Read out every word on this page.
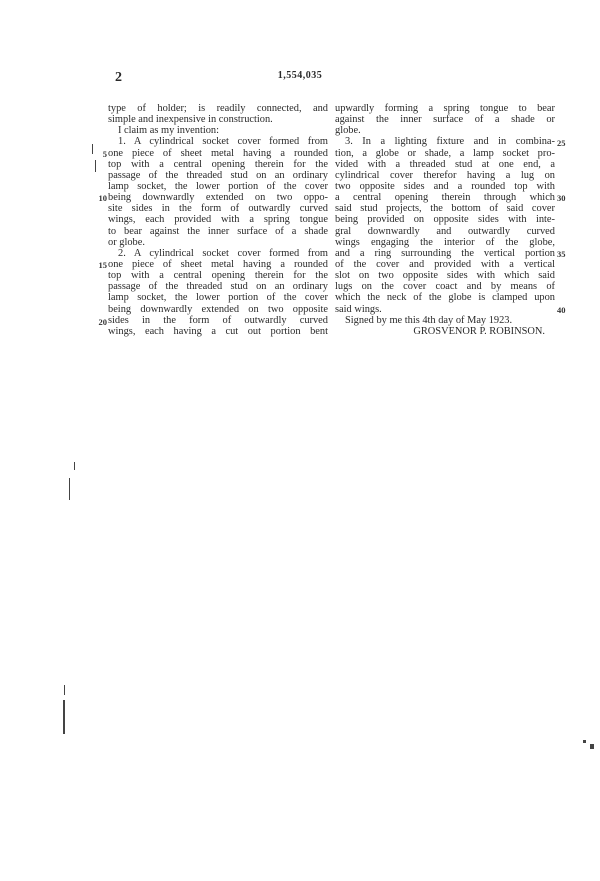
2	1,554,035
type of holder; is readily connected, and
simple and inexpensive in construction.
I claim as my invention:
1. A cylindrical socket cover formed from
one piece of sheet metal having a rounded
top with a central opening therein for the
passage of the threaded stud on an ordinary
lamp socket, the lower portion of the cover
being downwardly extended on two oppo-
site sides in the form of outwardly curved
wings, each provided with a spring tongue
to bear against the inner surface of a shade
or globe.
2. A cylindrical socket cover formed from
one piece of sheet metal having a rounded
top with a central opening therein for the
passage of the threaded stud on an ordinary
lamp socket, the lower portion of the cover
being downwardly extended on two opposite
sides in the form of outwardly curved
wings, each having a cut out portion bent
5
10
15
20
upwardly forming a spring tongue to bear
against the inner surface of a shade or
globe.
3. In a lighting fixture and in combina-
tion, a globe or shade, a lamp socket pro-
vided with a threaded stud at one end, a
cylindrical cover therefor having a lug on
two opposite sides and a rounded top with
a central opening therein through which
said stud projects, the bottom of said cover
being provided on opposite sides with inte-
gral downwardly and outwardly curved
wings engaging the interior of the globe,
and a ring surrounding the vertical portion
of the cover and provided with a vertical
slot on two opposite sides with which said
lugs on the cover coact and by means of
which the neck of the globe is clamped upon
said wings.
Signed by me this 4th day of May 1923.
GROSVENOR P. ROBINSON.
25
30
35
40
